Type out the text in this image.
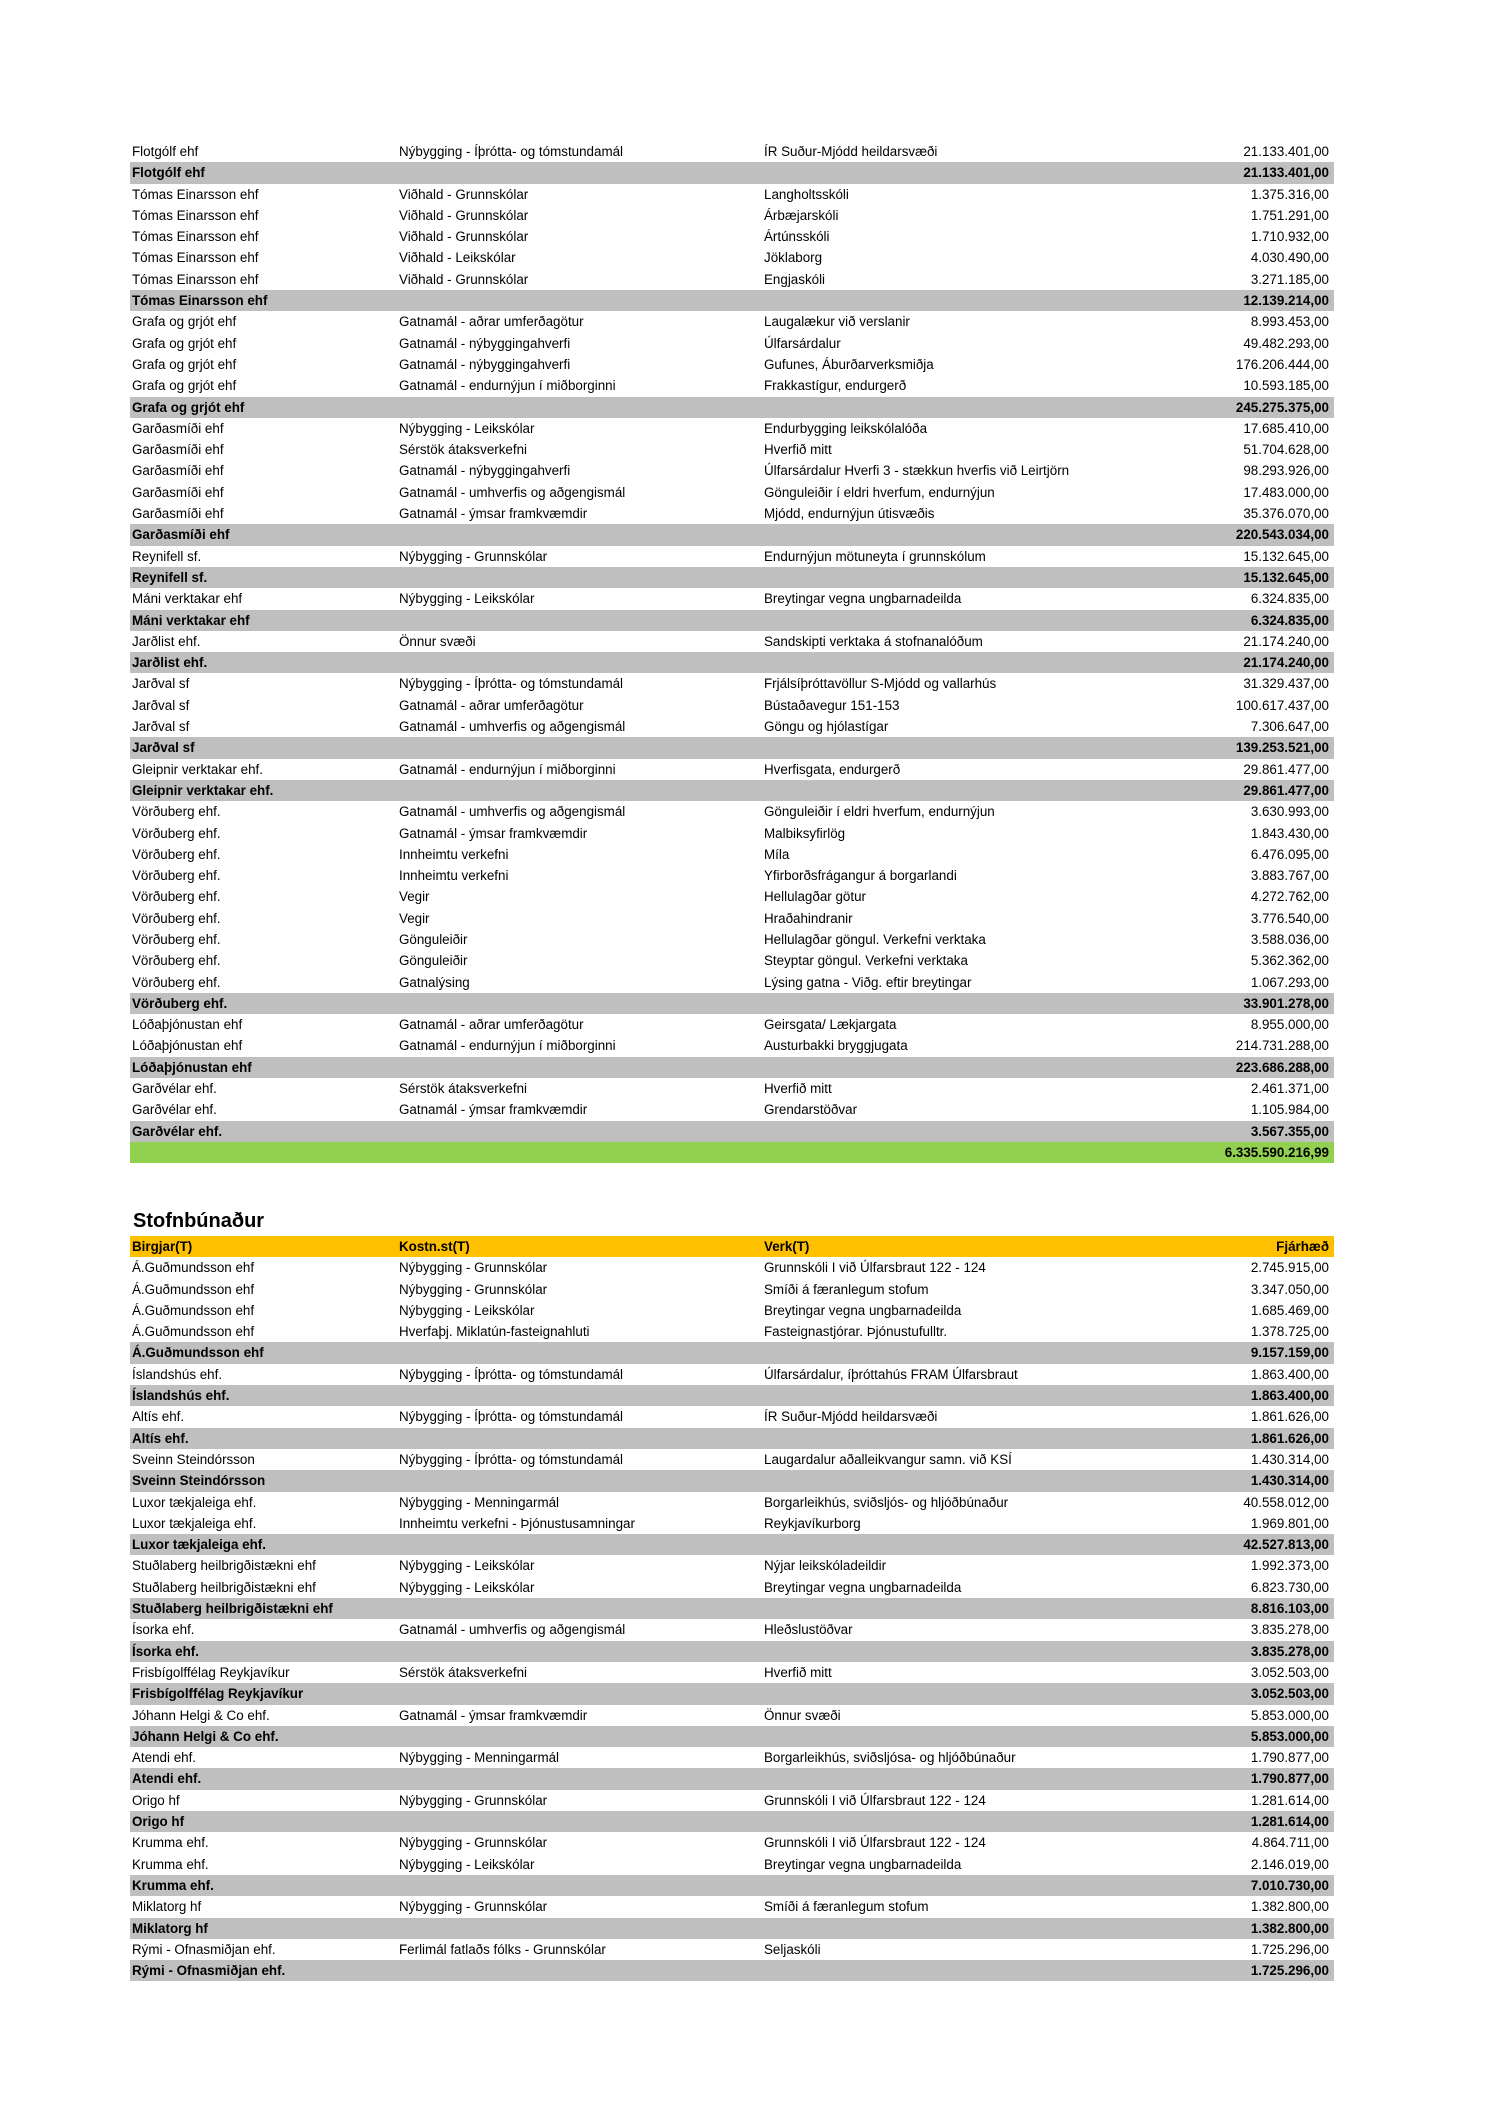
Flotgólf ehf	Nýbygging - Íþrótta- og tómstundamál	ÍR Suður-Mjódd heildarsvæði	21.133.401,00
Flotgólf ehf	21.133.401,00
Tómas Einarsson ehf	Viðhald - Grunnskólar	Langholtsskóli	1.375.316,00
Tómas Einarsson ehf	Viðhald - Grunnskólar	Árbæjarskóli	1.751.291,00
Tómas Einarsson ehf	Viðhald - Grunnskólar	Ártúnsskóli	1.710.932,00
Tómas Einarsson ehf	Viðhald - Leikskólar	Jöklaborg	4.030.490,00
Tómas Einarsson ehf	Viðhald - Grunnskólar	Engjaskóli	3.271.185,00
Tómas Einarsson ehf	12.139.214,00
Grafa og grjót ehf	Gatnamál - aðrar umferðagötur	Laugalækur við verslanir	8.993.453,00
Grafa og grjót ehf	Gatnamál - nýbyggingahverfi	Úlfarsárdalur	49.482.293,00
Grafa og grjót ehf	Gatnamál - nýbyggingahverfi	Gufunes, Áburðarverksmiðja	176.206.444,00
Grafa og grjót ehf	Gatnamál - endurnýjun í miðborginni	Frakkastígur, endurgerð	10.593.185,00
Grafa og grjót ehf	245.275.375,00
Garðasmíði ehf	Nýbygging - Leikskólar	Endurbygging leikskólalóða	17.685.410,00
Garðasmíði ehf	Sérstök átaksverkefni	Hverfið mitt	51.704.628,00
Garðasmíði ehf	Gatnamál - nýbyggingahverfi	Úlfarsárdalur Hverfi 3 - stækkun hverfis við Leirtjörn	98.293.926,00
Garðasmíði ehf	Gatnamál - umhverfis og aðgengismál	Gönguleiðir í eldri hverfum, endurnýjun	17.483.000,00
Garðasmíði ehf	Gatnamál - ýmsar framkvæmdir	Mjódd, endurnýjun útisvæðis	35.376.070,00
Garðasmíði ehf	220.543.034,00
Reynifell sf.	Nýbygging - Grunnskólar	Endurnýjun mötuneyta í grunnskólum	15.132.645,00
Reynifell sf.	15.132.645,00
Máni verktakar ehf	Nýbygging - Leikskólar	Breytingar vegna ungbarnadeilda	6.324.835,00
Máni verktakar ehf	6.324.835,00
Jarðlist ehf.	Önnur svæði	Sandskipti verktaka á stofnanalóðum	21.174.240,00
Jarðlist ehf.	21.174.240,00
Jarðval sf	Nýbygging - Íþrótta- og tómstundamál	Frjálsíþróttavöllur S-Mjódd og vallarhús	31.329.437,00
Jarðval sf	Gatnamál - aðrar umferðagötur	Bústaðavegur 151-153	100.617.437,00
Jarðval sf	Gatnamál - umhverfis og aðgengismál	Göngu og hjólastígar	7.306.647,00
Jarðval sf	139.253.521,00
Gleipnir verktakar ehf.	Gatnamál - endurnýjun í miðborginni	Hverfisgata, endurgerð	29.861.477,00
Gleipnir verktakar ehf.	29.861.477,00
Vörðuberg ehf.	Gatnamál - umhverfis og aðgengismál	Gönguleiðir í eldri hverfum, endurnýjun	3.630.993,00
Vörðuberg ehf.	Gatnamál - ýmsar framkvæmdir	Malbiksyfirlög	1.843.430,00
Vörðuberg ehf.	Innheimtu verkefni	Míla	6.476.095,00
Vörðuberg ehf.	Innheimtu verkefni	Yfirborðsfrágangur á borgarlandi	3.883.767,00
Vörðuberg ehf.	Vegir	Hellulagðar götur	4.272.762,00
Vörðuberg ehf.	Vegir	Hraðahindranir	3.776.540,00
Vörðuberg ehf.	Gönguleiðir	Hellulagðar göngul. Verkefni verktaka	3.588.036,00
Vörðuberg ehf.	Gönguleiðir	Steyptar göngul. Verkefni verktaka	5.362.362,00
Vörðuberg ehf.	Gatnalýsing	Lýsing gatna - Viðg. eftir breytingar	1.067.293,00
Vörðuberg ehf.	33.901.278,00
Lóðaþjónustan ehf	Gatnamál - aðrar umferðagötur	Geirsgata/ Lækjargata	8.955.000,00
Lóðaþjónustan ehf	Gatnamál - endurnýjun í miðborginni	Austurbakki bryggjugata	214.731.288,00
Lóðaþjónustan ehf	223.686.288,00
Garðvélar ehf.	Sérstök átaksverkefni	Hverfið mitt	2.461.371,00
Garðvélar ehf.	Gatnamál - ýmsar framkvæmdir	Grendarstöðvar	1.105.984,00
Garðvélar ehf.	3.567.355,00
6.335.590.216,99
Stofnbúnaður
Birgjar(T)	Kostn.st(T)	Verk(T)	Fjárhæð
Á.Guðmundsson ehf	Nýbygging - Grunnskólar	Grunnskóli I við Úlfarsbraut 122 - 124	2.745.915,00
Á.Guðmundsson ehf	Nýbygging - Grunnskólar	Smíði á færanlegum stofum	3.347.050,00
Á.Guðmundsson ehf	Nýbygging - Leikskólar	Breytingar vegna ungbarnadeilda	1.685.469,00
Á.Guðmundsson ehf	Hverfaþj. Miklatún-fasteignahluti	Fasteignastjórar. Þjónustufulltr.	1.378.725,00
Á.Guðmundsson ehf	9.157.159,00
Íslandshús ehf.	Nýbygging - Íþrótta- og tómstundamál	Úlfarsárdalur, íþróttahús FRAM Úlfarsbraut	1.863.400,00
Íslandshús ehf.	1.863.400,00
Altís ehf.	Nýbygging - Íþrótta- og tómstundamál	ÍR Suður-Mjódd heildarsvæði	1.861.626,00
Altís ehf.	1.861.626,00
Sveinn Steindórsson	Nýbygging - Íþrótta- og tómstundamál	Laugardalur aðalleikvangur samn. við KSÍ	1.430.314,00
Sveinn Steindórsson	1.430.314,00
Luxor tækjaleiga ehf.	Nýbygging - Menningarmál	Borgarleikhús, sviðsljós- og hljóðbúnaður	40.558.012,00
Luxor tækjaleiga ehf.	Innheimtu verkefni - Þjónustusamningar	Reykjavíkurborg	1.969.801,00
Luxor tækjaleiga ehf.	42.527.813,00
Stuðlaberg heilbrigðistækni ehf	Nýbygging - Leikskólar	Nýjar leikskóladeildir	1.992.373,00
Stuðlaberg heilbrigðistækni ehf	Nýbygging - Leikskólar	Breytingar vegna ungbarnadeilda	6.823.730,00
Stuðlaberg heilbrigðistækni ehf	8.816.103,00
Ísorka ehf.	Gatnamál - umhverfis og aðgengismál	Hleðslustöðvar	3.835.278,00
Ísorka ehf.	3.835.278,00
Frisbígolffélag Reykjavíkur	Sérstök átaksverkefni	Hverfið mitt	3.052.503,00
Frisbígolffélag Reykjavíkur	3.052.503,00
Jóhann Helgi & Co ehf.	Gatnamál - ýmsar framkvæmdir	Önnur svæði	5.853.000,00
Jóhann Helgi & Co ehf.	5.853.000,00
Atendi ehf.	Nýbygging - Menningarmál	Borgarleikhús, sviðsljósa- og hljóðbúnaður	1.790.877,00
Atendi ehf.	1.790.877,00
Origo hf	Nýbygging - Grunnskólar	Grunnskóli I við Úlfarsbraut 122 - 124	1.281.614,00
Origo hf	1.281.614,00
Krumma ehf.	Nýbygging - Grunnskólar	Grunnskóli I við Úlfarsbraut 122 - 124	4.864.711,00
Krumma ehf.	Nýbygging - Leikskólar	Breytingar vegna ungbarnadeilda	2.146.019,00
Krumma ehf.	7.010.730,00
Miklatorg hf	Nýbygging - Grunnskólar	Smíði á færanlegum stofum	1.382.800,00
Miklatorg hf	1.382.800,00
Rými - Ofnasmiðjan ehf.	Ferlimál fatlaðs fólks - Grunnskólar	Seljaskóli	1.725.296,00
Rými - Ofnasmiðjan ehf.	1.725.296,00
